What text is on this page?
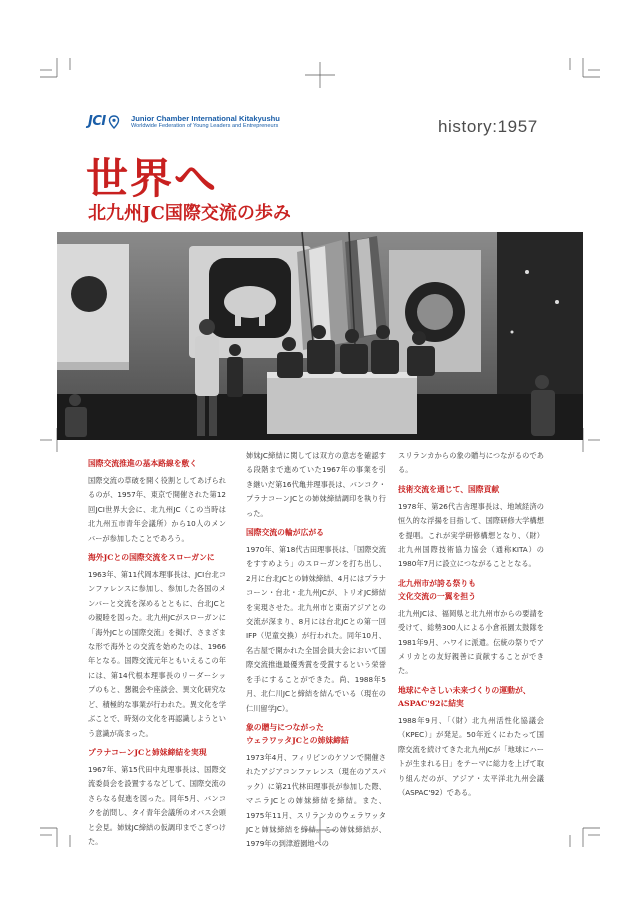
JCI	Junior Chamber International Kitakyushu
Worldwide Federation of Young Leaders and Entrepreneurs	history:1957
世界へ
北九州JC国際交流の歩み
国際交流推進の基本路線を敷く

国際交流の草破を開く役割としてあげられるのが、1957年、東京で開催された第12回JCI世界大会に、北九州JC（この当時は北九州五市青年会議所）から10人のメンバーが参加したことであろう。

海外JCとの国際交流をスローガンに

1963年、第11代岡本理事長は、JCI台北コンファレンスに参加し、参加した各国のメンバーと交流を深めるとともに、台北JCとの親睦を図った。北九州JCがスローガンに「海外JCとの国際交流」を掲げ、さまざまな形で海外との交流を始めたのは、1966年となる。国際交流元年ともいえるこの年には、第14代根本理事長のリーダーシップのもと、懇親会や座談会、異文化研究など、積極的な事業が行われた。異文化を学ぶことで、時刻の文化を再認識しようという意識が高まった。

プラナコーンJCと姉妹締結を実現

1967年、第15代田中丸理事長は、国際交流委員会を設置するなどして、国際交流のさらなる促進を図った。同年5月、バンコクを訪問し、タイ青年会議所のオバス会頭と会見。姉妹JC締結の仮調印までこぎつけた。

姉妹JC締結に関しては双方の意志を確認する段階まで進めていた1967年の事業を引き継いだ第16代亀井理事長は、バンコク・プラナコーンJCとの姉妹締結調印を執り行った。

国際交流の輪が広がる

1970年、第18代古田理事長は、「国際交流をすすめよう」のスローガンを打ち出し、2月に台北JCとの姉妹締結、4月にはプラナコーン・台北・北九州JCが、トリオJC締結を実現させた。北九州市と東南アジアとの交流が深まり、8月には台北JCとの第一回IFP（児童交換）が行われた。同年10月、名古屋で開かれた全国会員大会において国際交流推進最優秀賞を受賞するという栄誉を手にすることができた。尚、1988年5月、北仁川JCと締結を結んでいる（現在の仁川留学JC）。

象の贈与につながった
ウェラワッタJCとの姉妹締結

1973年4月、フィリピンのケソンで開催されたアジアコンファレンス（現在のアスパック）に第21代林田理事長が参加した際、マニラJCとの姉妹締結を締結。また、1975年11月、スリランカのウェラワッタJCと姉妹締結を締結。この姉妹締結が、1979年の到津遊園地への

スリランカからの象の贈与につながるのである。

技術交流を通じて、国際貢献

1978年、第26代古舎理事長は、地域経済の恒久的な浮揚を目指して、国際研修大学構想を提唱。これが実学研修構想となり、（財）北九州国際技術協力協会（通称KITA）の1980年7月に設立につながることとなる。

北九州市が誇る祭りも
文化交流の一翼を担う

北九州JCは、福岡県と北九州市からの要請を受けて、総勢300人による小倉祇園太鼓隊を1981年9月、ハワイに派遣。伝統の祭りでアメリカとの友好親善に貢献することができた。

地球にやさしい未来づくりの運動が、
ASPAC'92に結実

1988年9月、「（財）北九州活性化協議会（KPEC）」が発足。50年近くにわたって国際交流を続けてきた北九州JCが「地球にハートが生まれる日」をテーマに総力を上げて取り組んだのが、アジア・太平洋北九州会議（ASPAC'92）である。
